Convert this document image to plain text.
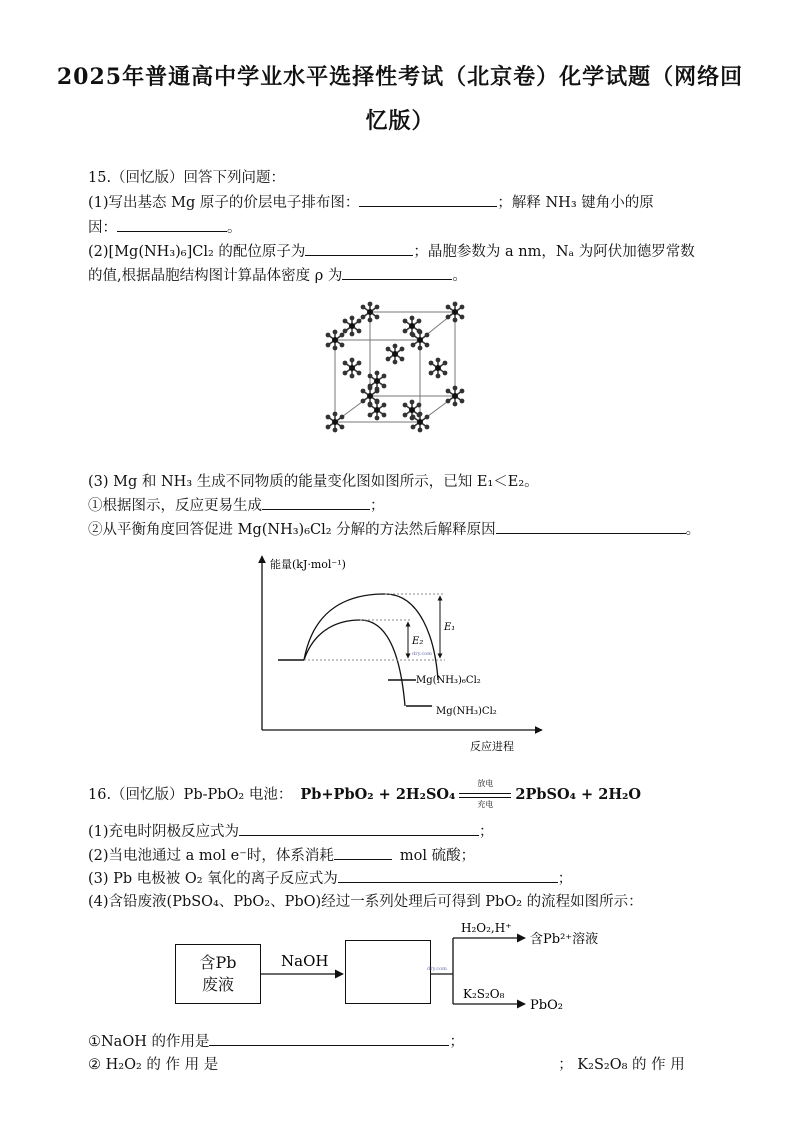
2025年普通高中学业水平选择性考试（北京卷）化学试题（网络回
忆版）
15.（回忆版）回答下列问题：
(1)写出基态 Mg 原子的价层电子排布图：	；解释 NH₃ 键角小的原
因：	。
(2)[Mg(NH₃)₆]Cl₂ 的配位原子为	；晶胞参数为 a nm，Nₐ 为阿伏加德罗常数
的值,根据晶胞结构图计算晶体密度 ρ 为	。
(3) Mg 和 NH₃ 生成不同物质的能量变化图如图所示，已知 E₁＜E₂。
①根据图示，反应更易生成	；
②从平衡角度回答促进 Mg(NH₃)₆Cl₂ 分解的方法然后解释原因	。
能量(kJ·mol⁻¹)
反应进程
E₁
E₂
dry.com
Mg(NH₃)₆Cl₂
Mg(NH₃)Cl₂
16.（回忆版）Pb-PbO₂ 电池： Pb+PbO₂ + 2H₂SO₄
放电
充电
2PbSO₄ + 2H₂O
(1)充电时阴极反应式为	；
(2)当电池通过 a mol e⁻时，体系消耗	mol 硫酸；
(3) Pb 电极被 O₂ 氧化的离子反应式为	；
(4)含铅废液(PbSO₄、PbO₂、PbO)经过一系列处理后可得到 PbO₂ 的流程如图所示：
含Pb
废液
NaOH
H₂O₂,H⁺
K₂S₂O₈
含Pb²⁺溶液
PbO₂
dry.com
①NaOH 的作用是	；
② H₂O₂ 的 作 用 是	； K₂S₂O₈ 的 作 用
